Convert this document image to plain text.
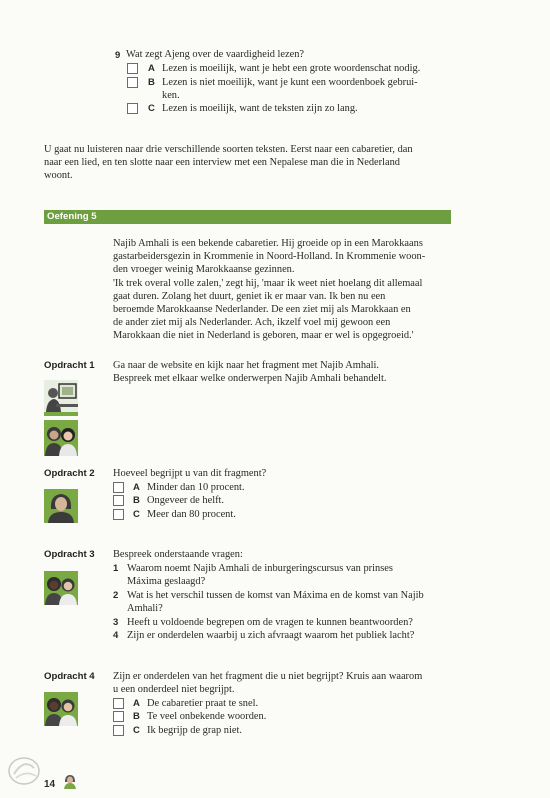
9 Wat zegt Ajeng over de vaardigheid lezen?
A Lezen is moeilijk, want je hebt een grote woordenschat nodig.
B Lezen is niet moeilijk, want je kunt een woordenboek gebrui-
ken.
C Lezen is moeilijk, want de teksten zijn zo lang.
U gaat nu luisteren naar drie verschillende soorten teksten. Eerst naar een cabaretier, dan
naar een lied, en ten slotte naar een interview met een Nepalese man die in Nederland
woont.
Oefening 5
Najib Amhali is een bekende cabaretier. Hij groeide op in een Marokkaans
gastarbeidersgezin in Krommenie in Noord-Holland. In Krommenie woon-
den vroeger weinig Marokkaanse gezinnen.
'Ik trek overal volle zalen,' zegt hij, 'maar ik weet niet hoelang dit allemaal
gaat duren. Zolang het duurt, geniet ik er maar van. Ik ben nu een
beroemde Marokkaanse Nederlander. De een ziet mij als Marokkaan en
de ander ziet mij als Nederlander. Ach, ikzelf voel mij gewoon een
Marokkaan die niet in Nederland is geboren, maar er wel is opgegroeid.'
Opdracht 1 Ga naar de website en kijk naar het fragment met Najib Amhali.
Bespreek met elkaar welke onderwerpen Najib Amhali behandelt.
Opdracht 2 Hoeveel begrijpt u van dit fragment?
A Minder dan 10 procent.
B Ongeveer de helft.
C Meer dan 80 procent.
Opdracht 3 Bespreek onderstaande vragen:
1 Waarom noemt Najib Amhali de inburgeringscursus van prinses
Máxima geslaagd?
2 Wat is het verschil tussen de komst van Máxima en de komst van Najib
Amhali?
3 Heeft u voldoende begrepen om de vragen te kunnen beantwoorden?
4 Zijn er onderdelen waarbij u zich afvraagt waarom het publiek lacht?
Opdracht 4 Zijn er onderdelen van het fragment die u niet begrijpt? Kruis aan waarom
u een onderdeel niet begrijpt.
A De cabaretier praat te snel.
B Te veel onbekende woorden.
C Ik begrijp de grap niet.
14
